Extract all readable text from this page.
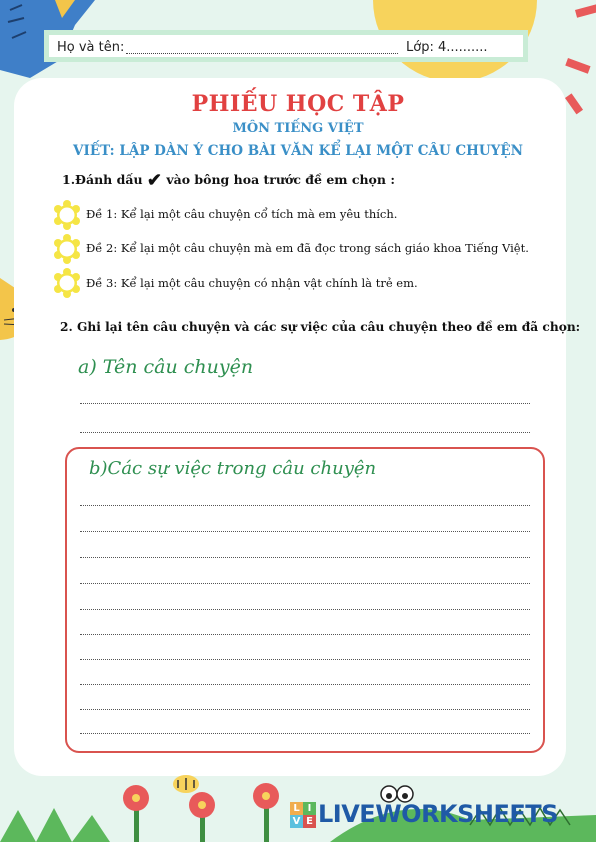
Họ và tên:	Lớp: 4..........
PHIẾU HỌC TẬP
MÔN TIẾNG VIỆT
VIẾT: LẬP DÀN Ý CHO BÀI VĂN KỂ LẠI MỘT CÂU CHUYỆN
1.Đánh dấu ✔ vào bông hoa trước đề em chọn :
Đề 1: Kể lại một câu chuyện cổ tích mà em yêu thích.
Đề 2: Kể lại một câu chuyện mà em đã đọc trong sách giáo khoa Tiếng Việt.
Đề 3: Kể lại một câu chuyện có nhận vật chính là trẻ em.
2. Ghi lại tên câu chuyện và các sự việc của câu chuyện theo đề em đã chọn:
a) Tên câu chuyện
b)Các sự việc trong câu chuyện
L I
V E LIVEWORKSHEETS
